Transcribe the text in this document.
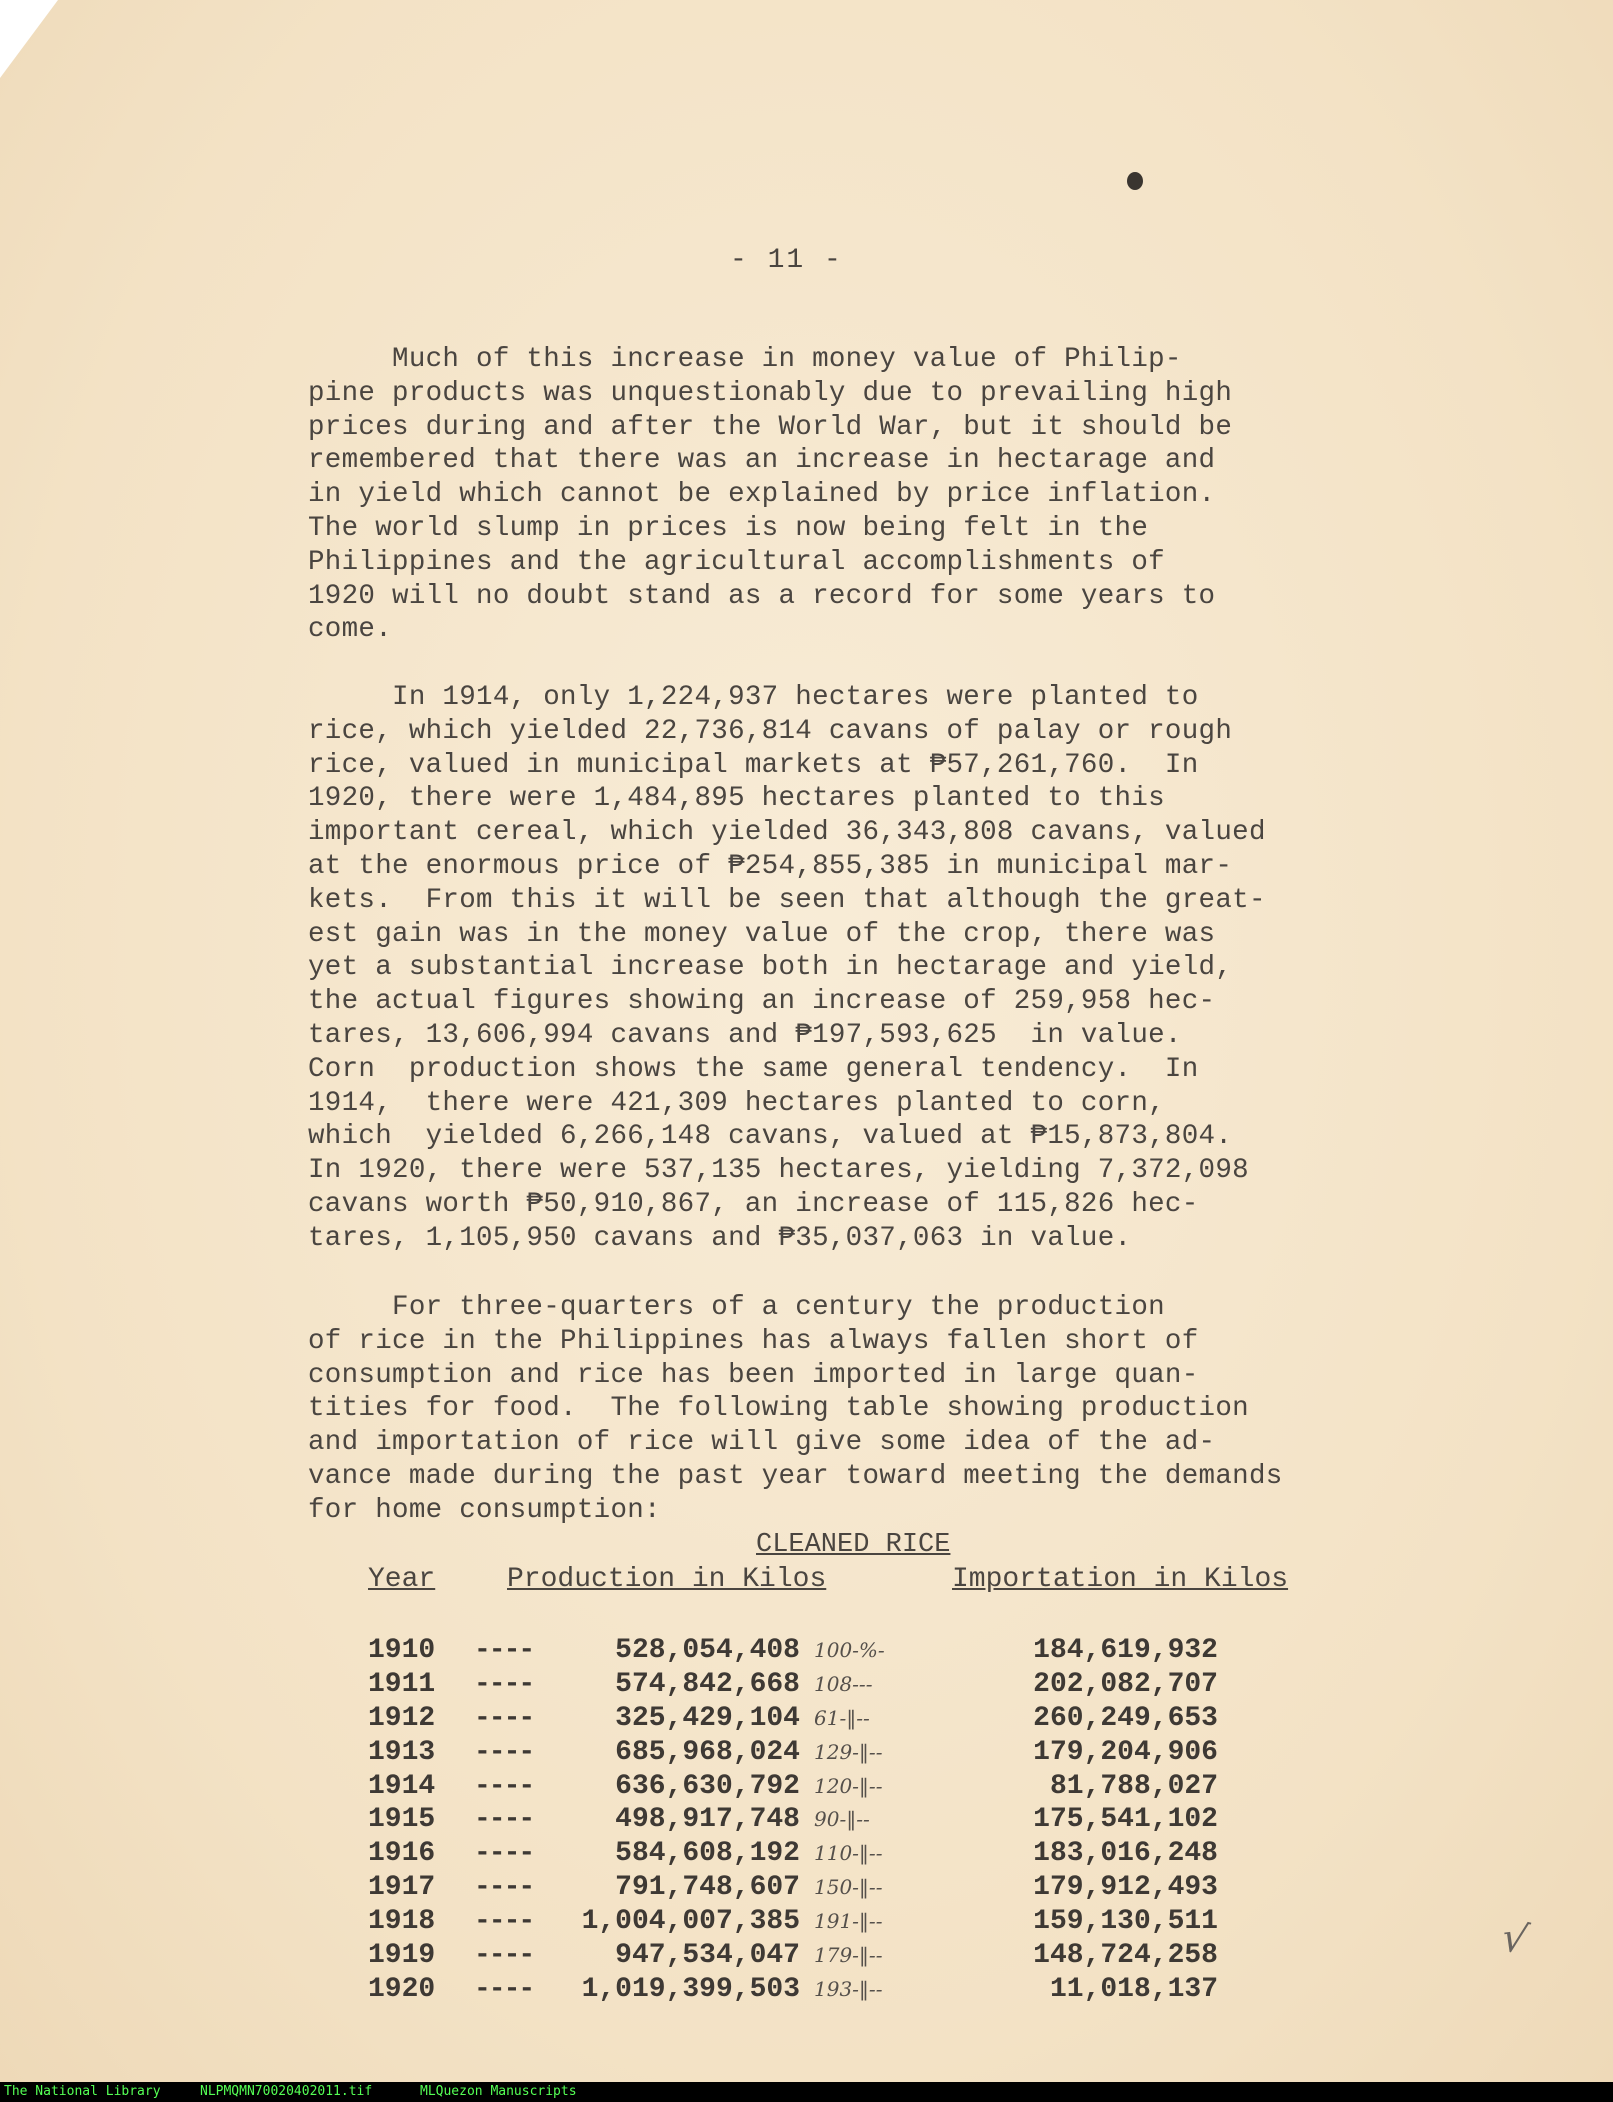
- 11 -

Much of this increase in money value of Philip-
pine products was unquestionably due to prevailing high
prices during and after the World War, but it should be
remembered that there was an increase in hectarage and
in yield which cannot be explained by price inflation.
The world slump in prices is now being felt in the
Philippines and the agricultural accomplishments of
1920 will no doubt stand as a record for some years to
come.

In 1914, only 1,224,937 hectares were planted to
rice, which yielded 22,736,814 cavans of palay or rough
rice, valued in municipal markets at ₱57,261,760.  In
1920, there were 1,484,895 hectares planted to this
important cereal, which yielded 36,343,808 cavans, valued
at the enormous price of ₱254,855,385 in municipal mar-
kets.  From this it will be seen that although the great-
est gain was in the money value of the crop, there was
yet a substantial increase both in hectarage and yield,
the actual figures showing an increase of 259,958 hec-
tares, 13,606,994 cavans and ₱197,593,625  in value.
Corn  production shows the same general tendency.  In
1914,  there were 421,309 hectares planted to corn,
which  yielded 6,266,148 cavans, valued at ₱15,873,804.
In 1920, there were 537,135 hectares, yielding 7,372,098
cavans worth ₱50,910,867, an increase of 115,826 hec-
tares, 1,105,950 cavans and ₱35,037,063 in value.

For three-quarters of a century the production
of rice in the Philippines has always fallen short of
consumption and rice has been imported in large quan-
tities for food.  The following table showing production
and importation of rice will give some idea of the ad-
vance made during the past year toward meeting the demands
for home consumption:

CLEANED RICE
Year	Production in Kilos	Importation in Kilos
1910 ----	528,054,408 100-%-	184,619,932
1911 ----	574,842,668 108---	202,082,707
1912 ----	325,429,104 61-‖--	260,249,653
1913 ----	685,968,024 129-‖--	179,204,906
1914 ----	636,630,792 120-‖--	81,788,027
1915 ----	498,917,748 90-‖--	175,541,102
1916 ----	584,608,192 110-‖--	183,016,248
1917 ----	791,748,607 150-‖--	179,912,493
1918 ---- 1,004,007,385 191-‖--	159,130,511
1919 ----	947,534,047 179-‖--	148,724,258
1920 ---- 1,019,399,503 193-‖--	11,018,137
√
The National Library	NLPMQMN70020402011.tif	MLQuezon Manuscripts
